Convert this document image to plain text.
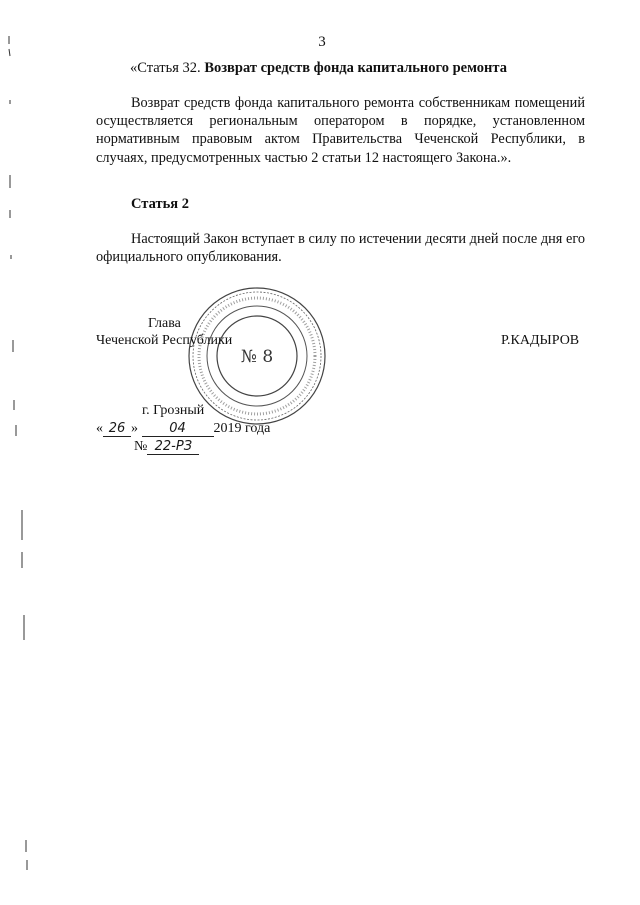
3
«Статья 32. Возврат средств фонда капитального ремонта
Возврат средств фонда капитального ремонта собственникам помещений осуществляется региональным оператором в порядке, установленном нормативным правовым актом Правительства Чеченской Республики, в случаях, предусмотренных частью 2 статьи 12 настоящего Закона.».
Статья 2
Настоящий Закон вступает в силу по истечении десяти дней после дня его официального опубликования.
№ 8
Глава
Чеченской Республики	Р.КАДЫРОВ
г. Грозный
« 26 » 04 2019 года
№ 22-РЗ
